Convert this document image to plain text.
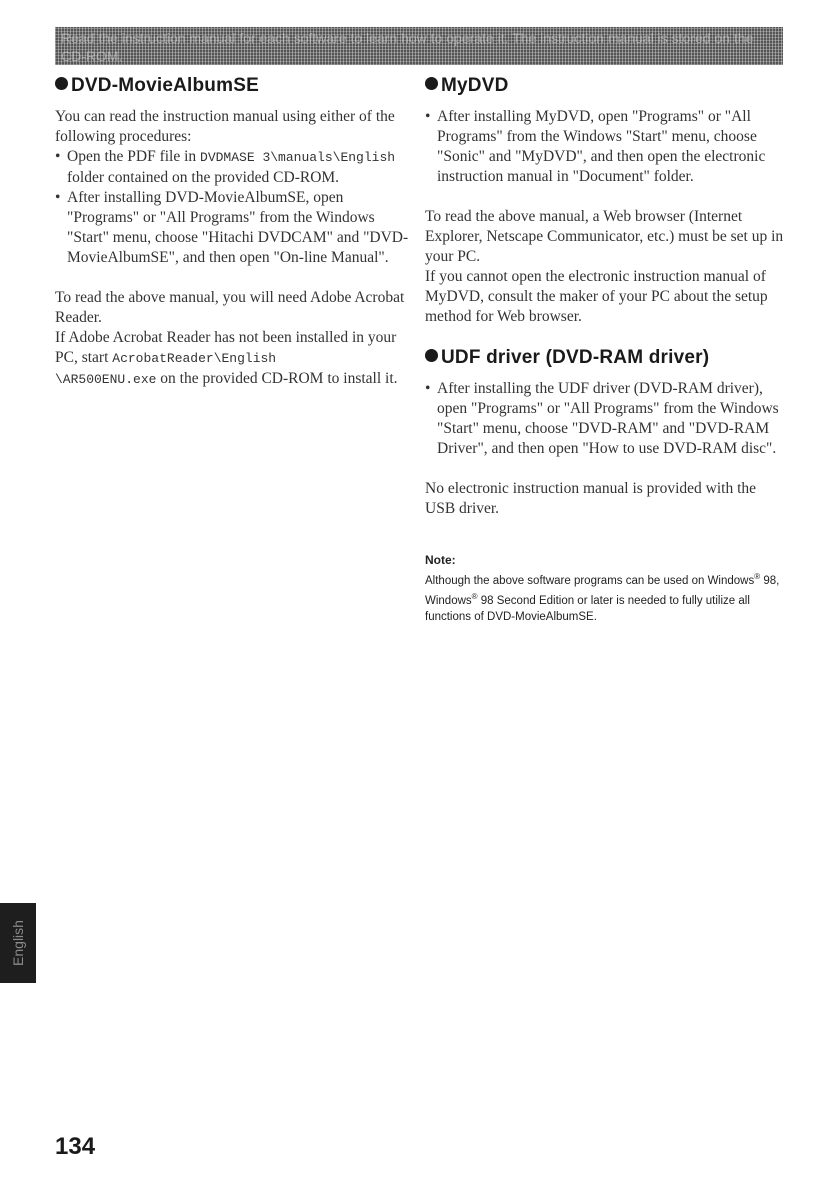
Read the instruction manual for each software to learn how to operate it. The instruction manual is stored on the CD-ROM.
DVD-MovieAlbumSE

You can read the instruction manual using either of the following procedures:

• Open the PDF file in DVDMASE 3\manuals\English folder contained on the provided CD-ROM.
• After installing DVD-MovieAlbumSE, open "Programs" or "All Programs" from the Windows "Start" menu, choose "Hitachi DVDCAM" and "DVD-MovieAlbumSE", and then open "On-line Manual".

To read the above manual, you will need Adobe Acrobat Reader.

If Adobe Acrobat Reader has not been installed in your PC, start AcrobatReader\English
\AR500ENU.exe on the provided CD-ROM to install it.

MyDVD
• After installing MyDVD, open "Programs" or "All Programs" from the Windows "Start" menu, choose "Sonic" and "MyDVD", and then open the electronic instruction manual in "Document" folder.

To read the above manual, a Web browser (Internet Explorer, Netscape Communicator, etc.) must be set up in your PC.

If you cannot open the electronic instruction manual of MyDVD, consult the maker of your PC about the setup method for Web browser.

UDF driver (DVD-RAM driver)
• After installing the UDF driver (DVD-RAM driver), open "Programs" or "All Programs" from the Windows "Start" menu, choose "DVD-RAM" and "DVD-RAM Driver", and then open "How to use DVD-RAM disc".

No electronic instruction manual is provided with the USB driver.

Note:
Although the above software programs can be used on Windows® 98, Windows® 98 Second Edition or later is needed to fully utilize all functions of DVD-MovieAlbumSE.
English
134
